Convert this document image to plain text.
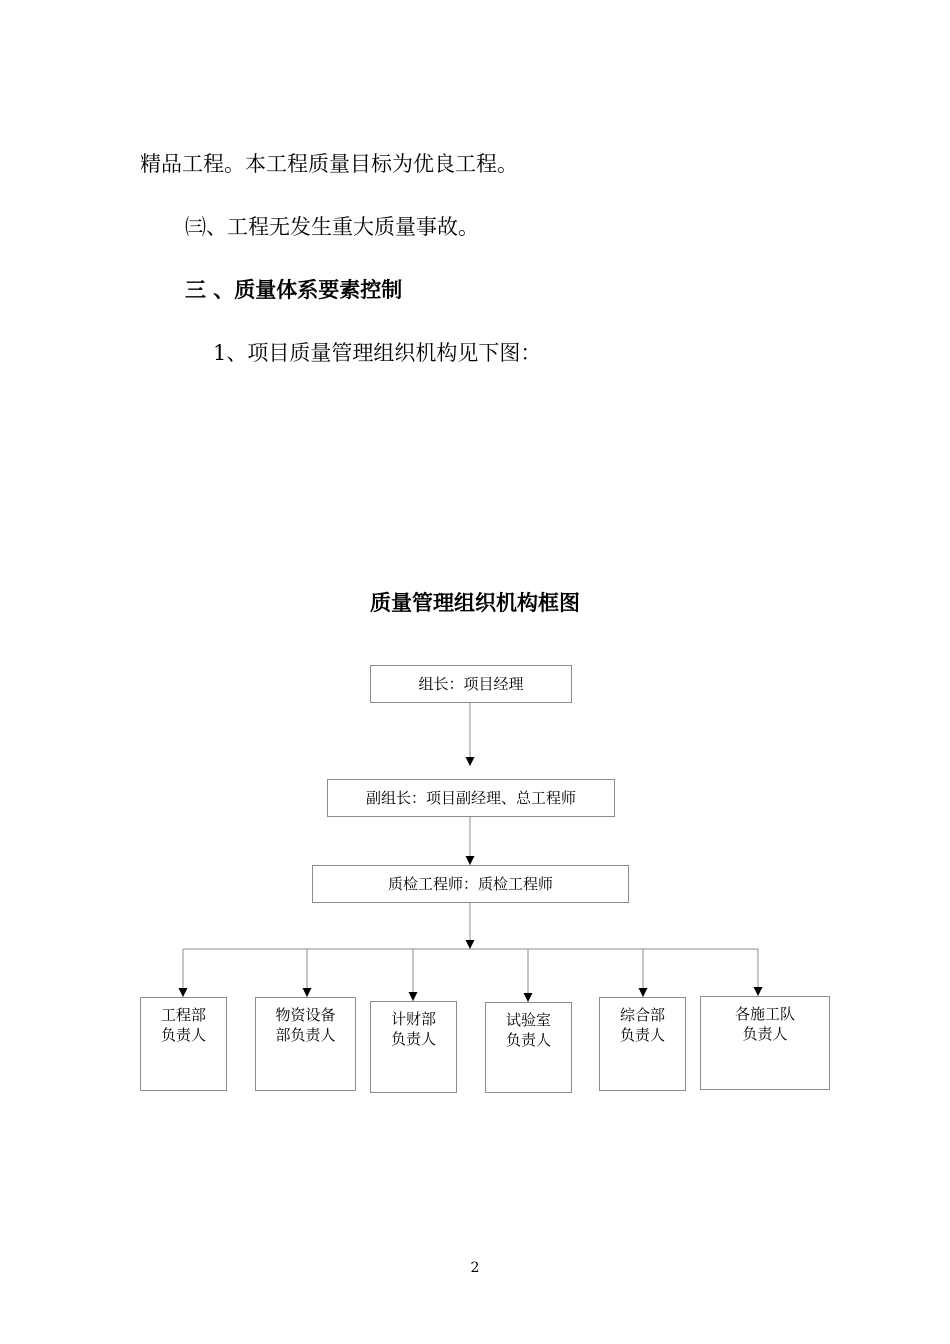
精品工程。本工程质量目标为优良工程。
㈢、工程无发生重大质量事故。
三 、质量体系要素控制
1、项目质量管理组织机构见下图：
质量管理组织机构框图
组长：项目经理
副组长：项目副经理、总工程师
质检工程师：质检工程师
工程部
负责人
物资设备
部负责人
计财部
负责人
试验室
负责人
综合部
负责人
各施工队
负责人
2
